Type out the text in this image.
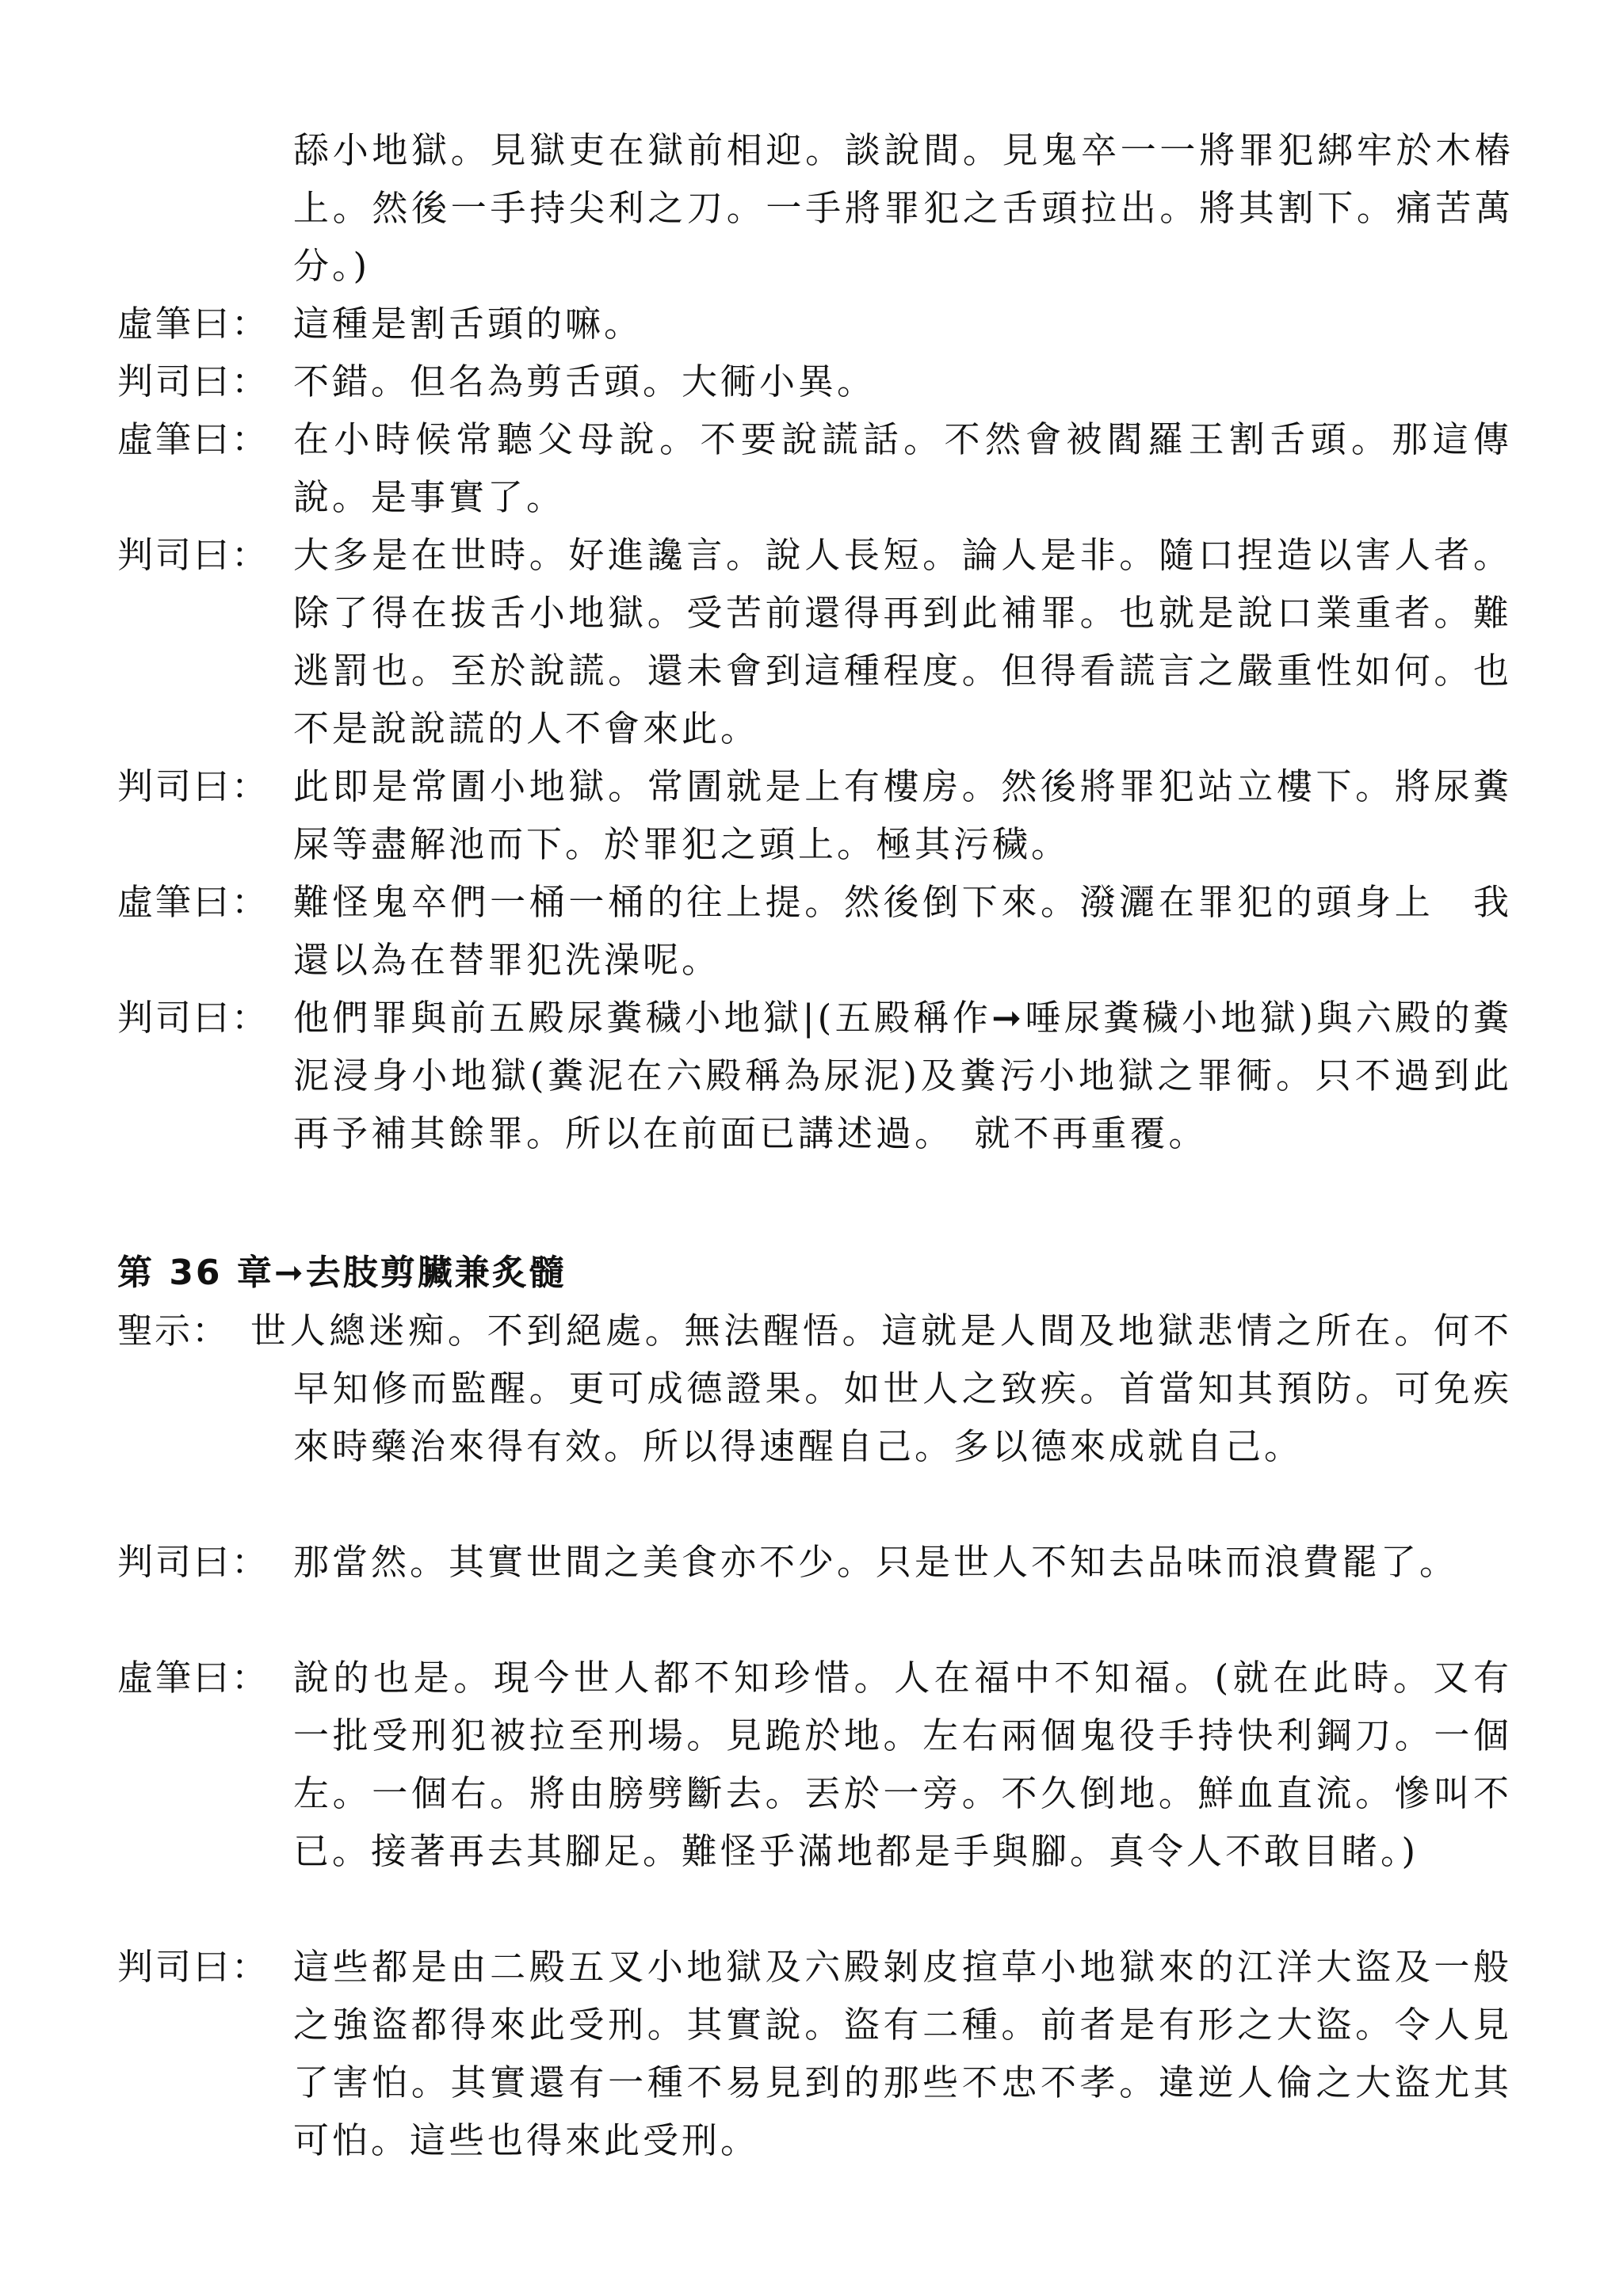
舔小地獄。見獄吏在獄前相迎。談說間。見鬼卒一一將罪犯綁牢於木樁上。然後一手持尖利之刀。一手將罪犯之舌頭拉出。將其割下。痛苦萬分。)
虛筆曰： 這種是割舌頭的嘛。
判司曰： 不錯。但名為剪舌頭。大衕小異。
虛筆曰： 在小時候常聽父母說。不要說謊話。不然會被閻羅王割舌頭。那這傳說。是事實了。
判司曰： 大多是在世時。好進讒言。說人長短。論人是非。隨口捏造以害人者。除了得在拔舌小地獄。受苦前還得再到此補罪。也就是說口業重者。難逃罰也。至於說謊。還未會到這種程度。但得看謊言之嚴重性如何。也不是說說謊的人不會來此。
判司曰： 此即是常圊小地獄。常圊就是上有樓房。然後將罪犯站立樓下。將尿糞屎等盡解池而下。於罪犯之頭上。極其污穢。
虛筆曰： 難怪鬼卒們一桶一桶的往上提。然後倒下來。潑灑在罪犯的頭身上　我還以為在替罪犯洗澡呢。
判司曰： 他們罪與前五殿尿糞穢小地獄|(五殿稱作➞唾尿糞穢小地獄)與六殿的糞泥浸身小地獄(糞泥在六殿稱為尿泥)及糞污小地獄之罪衕。只不過到此再予補其餘罪。所以在前面已講述過。　就不再重覆。
第 36 章➞去肢剪臟兼炙髓
聖示： 世人總迷痴。不到絕處。無法醒悟。這就是人間及地獄悲情之所在。何不早知修而監醒。更可成德證果。如世人之致疾。首當知其預防。可免疾來時藥治來得有效。所以得速醒自己。多以德來成就自己。
判司曰： 那當然。其實世間之美食亦不少。只是世人不知去品味而浪費罷了。
虛筆曰： 說的也是。現今世人都不知珍惜。人在福中不知福。(就在此時。又有一批受刑犯被拉至刑場。見跪於地。左右兩個鬼役手持快利鋼刀。一個左。一個右。將由膀劈斷去。丟於一旁。不久倒地。鮮血直流。慘叫不已。接著再去其腳足。難怪乎滿地都是手與腳。真令人不敢目睹。)
判司曰： 這些都是由二殿五叉小地獄及六殿剝皮揎草小地獄來的江洋大盜及一般之強盜都得來此受刑。其實說。盜有二種。前者是有形之大盜。令人見了害怕。其實還有一種不易見到的那些不忠不孝。違逆人倫之大盜尤其可怕。這些也得來此受刑。
